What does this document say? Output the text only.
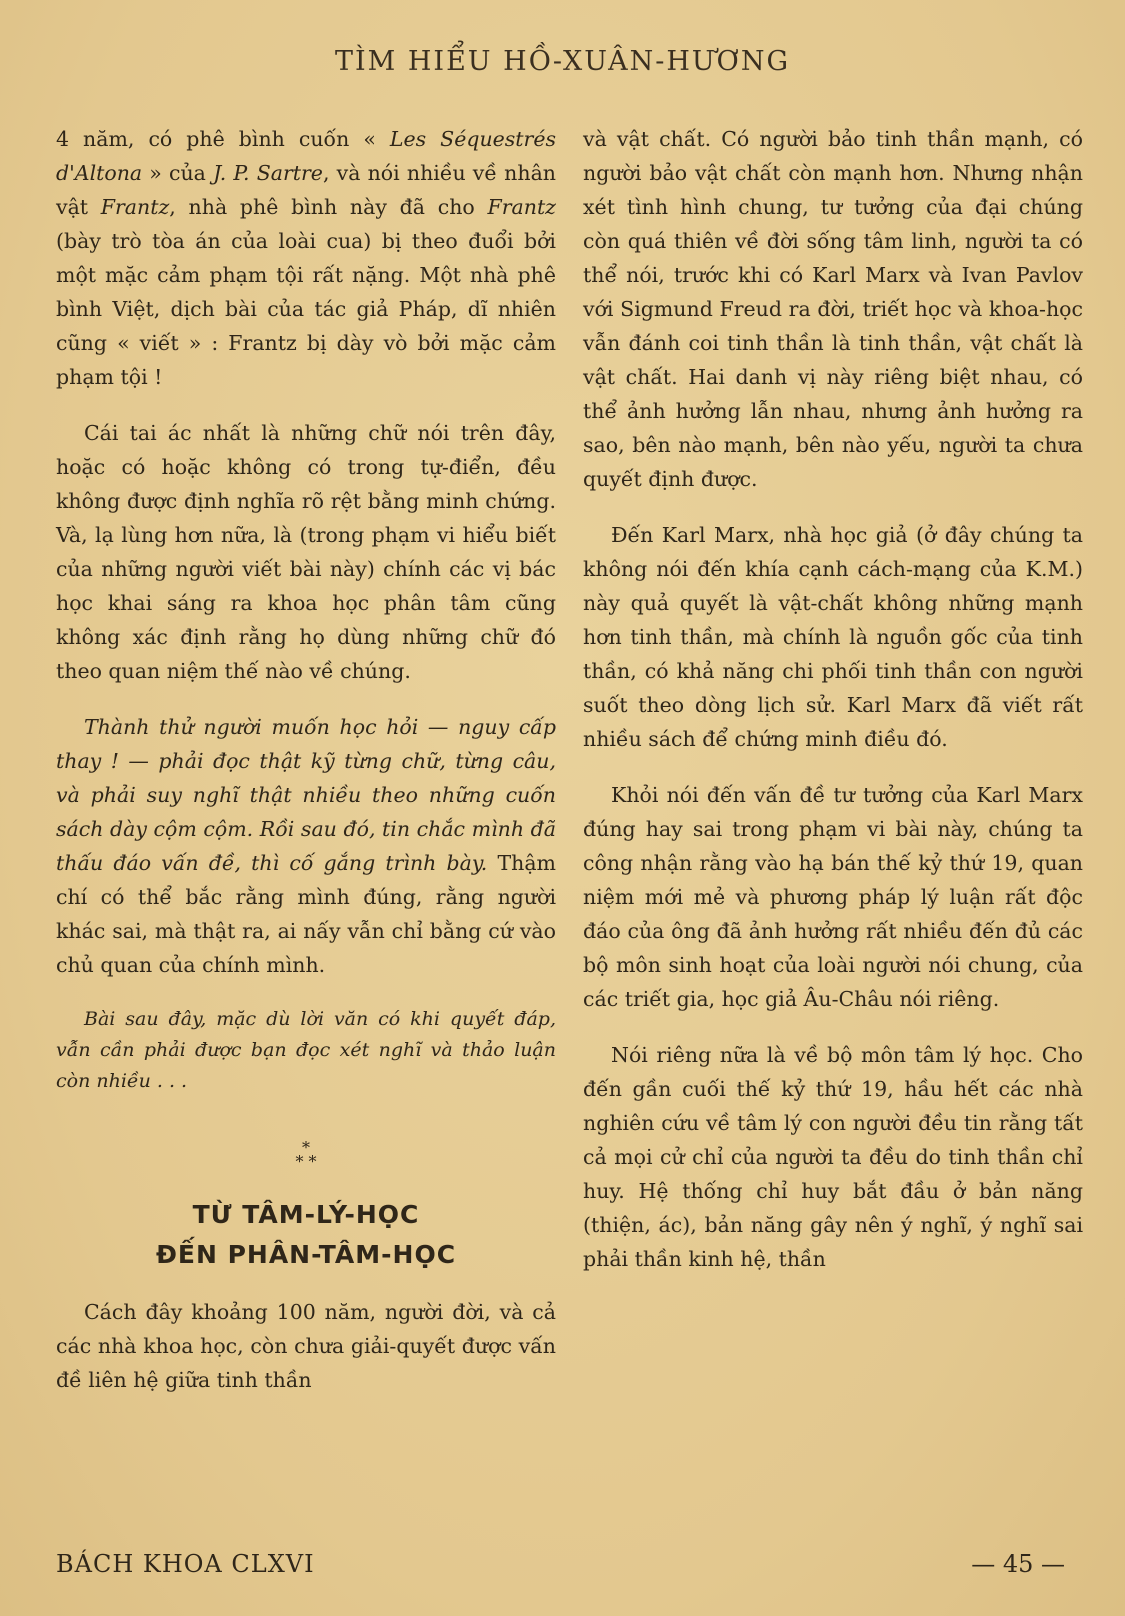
TÌM HIỂU HỒ-XUÂN-HƯƠNG

4 năm, có phê bình cuốn « Les Séquestrés d'Altona » của J. P. Sartre, và nói nhiều về nhân vật Frantz, nhà phê bình này đã cho Frantz (bày trò tòa án của loài cua) bị theo đuổi bởi một mặc cảm phạm tội rất nặng. Một nhà phê bình Việt, dịch bài của tác giả Pháp, dĩ nhiên cũng « viết » : Frantz bị dày vò bởi mặc cảm phạm tội !

Cái tai ác nhất là những chữ nói trên đây, hoặc có hoặc không có trong tự-điển, đều không được định nghĩa rõ rệt bằng minh chứng. Và, lạ lùng hơn nữa, là (trong phạm vi hiểu biết của những người viết bài này) chính các vị bác học khai sáng ra khoa học phân tâm cũng không xác định rằng họ dùng những chữ đó theo quan niệm thế nào về chúng.

Thành thử người muốn học hỏi — nguy cấp thay ! — phải đọc thật kỹ từng chữ, từng câu, và phải suy nghĩ thật nhiều theo những cuốn sách dày cộm cộm. Rồi sau đó, tin chắc mình đã thấu đáo vấn đề, thì cố gắng trình bày. Thậm chí có thể bắc rằng mình đúng, rằng người khác sai, mà thật ra, ai nấy vẫn chỉ bằng cứ vào chủ quan của chính mình.

Bài sau đây, mặc dù lời văn có khi quyết đáp, vẫn cần phải được bạn đọc xét nghĩ và thảo luận còn nhiều . . .

*
* *
TỪ TÂM-LÝ-HỌC
ĐẾN PHÂN-TÂM-HỌC

Cách đây khoảng 100 năm, người đời, và cả các nhà khoa học, còn chưa giải-quyết được vấn đề liên hệ giữa tinh thần

và vật chất. Có người bảo tinh thần mạnh, có người bảo vật chất còn mạnh hơn. Nhưng nhận xét tình hình chung, tư tưởng của đại chúng còn quá thiên về đời sống tâm linh, người ta có thể nói, trước khi có Karl Marx và Ivan Pavlov với Sigmund Freud ra đời, triết học và khoa-học vẫn đánh coi tinh thần là tinh thần, vật chất là vật chất. Hai danh vị này riêng biệt nhau, có thể ảnh hưởng lẫn nhau, nhưng ảnh hưởng ra sao, bên nào mạnh, bên nào yếu, người ta chưa quyết định được.

Đến Karl Marx, nhà học giả (ở đây chúng ta không nói đến khía cạnh cách-mạng của K.M.) này quả quyết là vật-chất không những mạnh hơn tinh thần, mà chính là nguồn gốc của tinh thần, có khả năng chi phối tinh thần con người suốt theo dòng lịch sử. Karl Marx đã viết rất nhiều sách để chứng minh điều đó.

Khỏi nói đến vấn đề tư tưởng của Karl Marx đúng hay sai trong phạm vi bài này, chúng ta công nhận rằng vào hạ bán thế kỷ thứ 19, quan niệm mới mẻ và phương pháp lý luận rất độc đáo của ông đã ảnh hưởng rất nhiều đến đủ các bộ môn sinh hoạt của loài người nói chung, của các triết gia, học giả Âu-Châu nói riêng.

Nói riêng nữa là về bộ môn tâm lý học. Cho đến gần cuối thế kỷ thứ 19, hầu hết các nhà nghiên cứu về tâm lý con người đều tin rằng tất cả mọi cử chỉ của người ta đều do tinh thần chỉ huy. Hệ thống chỉ huy bắt đầu ở bản năng (thiện, ác), bản năng gây nên ý nghĩ, ý nghĩ sai phải thần kinh hệ, thần

BÁCH KHOA CLXVI	— 45 —
